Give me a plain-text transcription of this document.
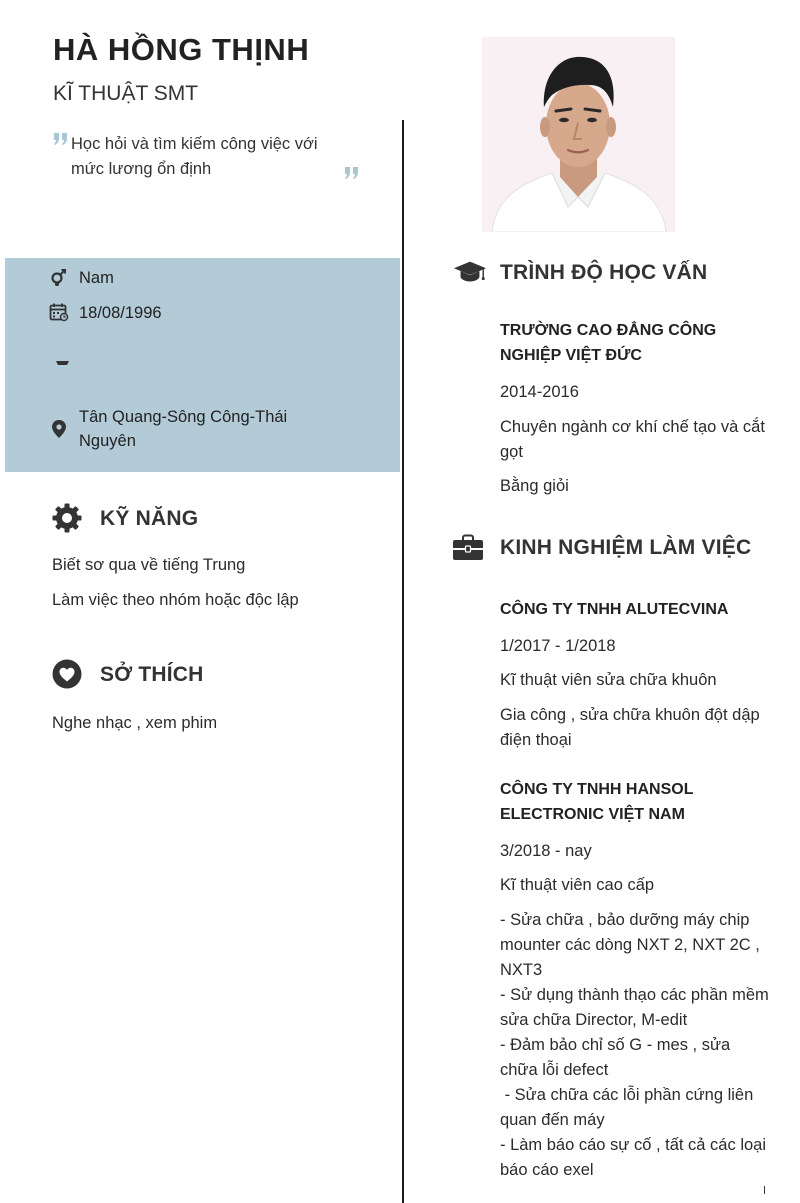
HÀ HỒNG THỊNH
KĨ THUẬT SMT
Học hỏi và tìm kiếm công việc với mức lương ổn định
Nam
18/08/1996
Tân Quang-Sông Công-Thái Nguyên
KỸ NĂNG
Biết sơ qua về tiếng Trung
Làm việc theo nhóm hoặc độc lập
SỞ THÍCH
Nghe nhạc , xem phim
TRÌNH ĐỘ HỌC VẤN
TRƯỜNG CAO ĐẲNG CÔNG NGHIỆP VIỆT ĐỨC
2014-2016
Chuyên ngành cơ khí chế tạo và cắt gọt
Bằng giỏi
KINH NGHIỆM LÀM VIỆC
CÔNG TY TNHH ALUTECVINA
1/2017 - 1/2018
Kĩ thuật viên sửa chữa khuôn
Gia công , sửa chữa khuôn đột dập điện thoại
CÔNG TY TNHH HANSOL ELECTRONIC VIỆT NAM
3/2018 - nay
Kĩ thuật viên cao cấp
- Sửa chữa , bảo dưỡng máy chip mounter các dòng NXT 2, NXT 2C , NXT3
- Sử dụng thành thạo các phần mềm sửa chữa Director, M-edit
- Đảm bảo chỉ số G - mes , sửa chữa lỗi defect
- Sửa chữa các lỗi phần cứng liên quan đến máy
- Làm báo cáo sự cố , tất cả các loại báo cáo exel
